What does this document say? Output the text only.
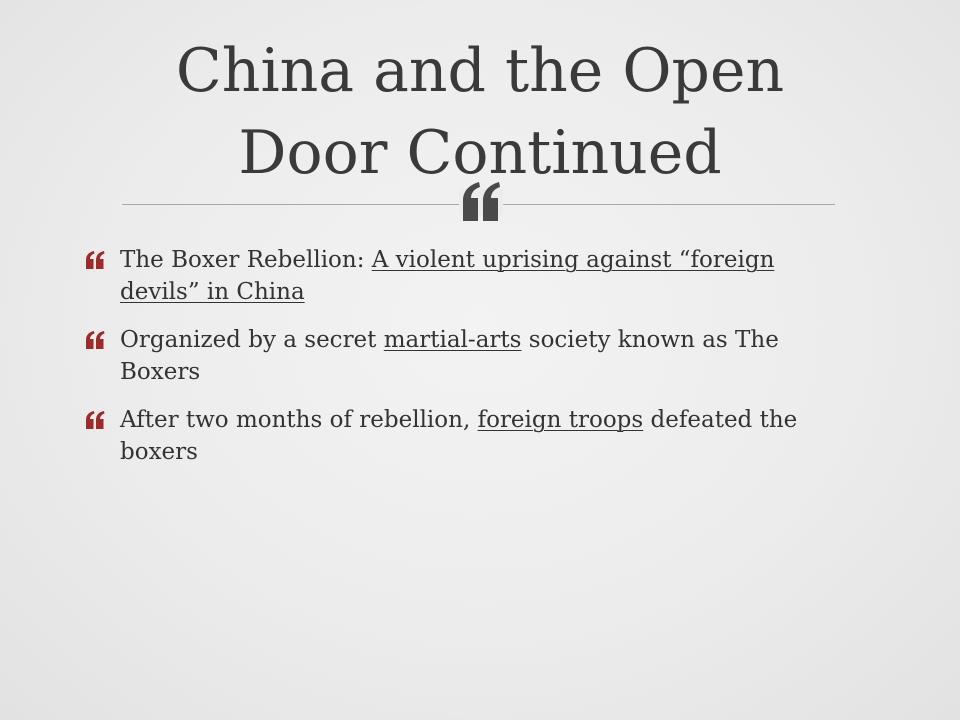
China and the Open
Door Continued
The Boxer Rebellion: A violent uprising against “foreign devils” in China
Organized by a secret martial-arts society known as The Boxers
After two months of rebellion, foreign troops defeated the boxers
